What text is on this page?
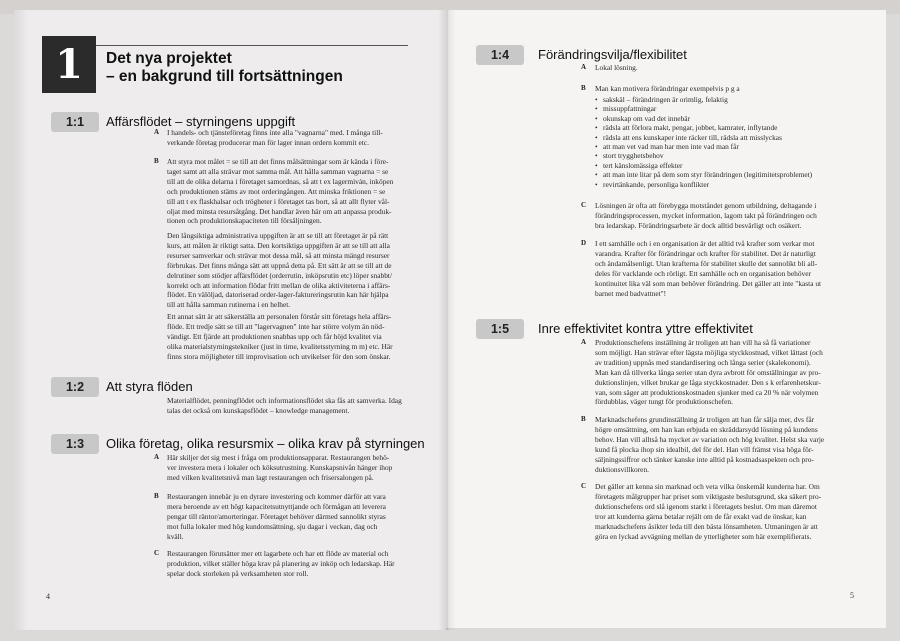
1	Det nya projektet
– en bakgrund till fortsättningen
1:1	Affärsflödet – styrningens uppgift
A I handels- och tjänsteföretag finns inte alla "vagnarna" med. I många till-
verkande företag producerar man för lager innan ordern kommit etc.
B Att styra mot målet = se till att det finns målsättningar som är kända i före-
taget samt att alla strävar mot samma mål. Att hålla samman vagnarna = se
till att de olika delarna i företaget samordnas, så att t ex lagermiván, inköpen
och produktionen stäms av mot orderingången. Att minska friktionen = se
till att t ex flaskhalsar och trögheter i företaget tas bort, så att allt flyter vål-
oljat med minsta resursåtgång. Det handlar även här om att anpassa produk-
tionen och produktionskapaciteten till försäljningen.
Den långsiktiga administrativa uppgiften är att se till att företaget är på rätt
kurs, att målen är riktigt satta. Den kortsiktiga uppgiften är att se till att alla
resurser samverkar och strävar mot dessa mål, så att minsta mängd resurser
förbrukas. Det finns många sätt att uppnå detta på. Ett sätt är att se till att de
delrutiner som stödjer affärsflödet (orderrutin, inköpsrutin etc) löper snabbt/
korrekt och att information flödar fritt mellan de olika aktiviteterna i affärs-
flödet. En välöljad, datoriserad order-lager-faktureringsrutin kan här hjälpa
till att hålla samman rutinerna i en helhet.
Ett annat sätt är att säkerställa att personalen förstår sitt företags hela affärs-
flöde. Ett tredje sätt se till att "lagervagnen" inte har större volym än nöd-
vändigt. Ett fjärde att produktionen snabbas upp och får höjd kvalitet via
olika materialstyrningstekniker (just in time, kvalitetsstyrning m m) etc. Här
finns stora möjligheter till improvisation och utvikelser för den som önskar.
1:2	Att styra flöden
Materialflödet, penningflödet och informationsflödet ska fås att samverka. Idag
talas det också om kunskapsflödet – knowledge management.
1:3	Olika företag, olika resursmix – olika krav på styrningen
A Här skiljer det sig mest i fråga om produktionsapparat. Restaurangen behö-
ver investera mera i lokaler och köksutrustning. Kunskapsnivån hänger ihop
med vilken kvalitetsnivå man lagt restaurangen och frisersalongen på.
B Restaurangen innebär ju en dyrare investering och kommer därför att vara
mera beroende av ett högt kapacitetsutnyttjande och förmågan att leverera
pengar till räntor/amorteringar. Företaget behöver därmed sannolikt styras
mot fulla lokaler med hög kundomsättning, sju dagar i veckan, dag och
kväll.
C Restaurangen förutsätter mer ett lagarbete och har ett flöde av material och
produktion, vilket ställer höga krav på planering av inköp och ledarskap. Här
spelar dock storleken på verksamheten stor roll.
4
1:4	Förändringsvilja/flexibilitet
A Lokal lösning.
B Man kan motivera förändringar exempelvis p g a
• sakskäl – förändringen är orimlig, felaktig
• missuppfattningar
• okunskap om vad det innebär
• rädsla att förlora makt, pengar, jobbet, kamrater, inflytande
• rädsla att ens kunskaper inte räcker till, rädsla att misslyckas
• att man vet vad man har men inte vad man får
• stort trygghetsbehov
• tert känslomässiga effekter
• att man inte litar på dem som styr förändringen (legitimitetsproblemet)
• revirtänkande, personliga konflikter
C Lösningen är ofta att förebygga motståndet genom utbildning, deltagande i
förändringsprocessen, mycket information, lagom takt på förändringen och
bra ledarskap. Förändringsarbete är dock alltid besvärligt och osäkert.
D I ett samhälle och i en organisation är det alltid två krafter som verkar mot
varandra. Krafter för förändringar och krafter för stabilitet. Det är naturligt
och ändamålsenligt. Utan krafterna för stabilitet skulle det sannolikt bli all-
deles för vacklande och rörligt. Ett samhälle och en organisation behöver
kontinuitet lika väl som man behöver förändring. Det gäller att inte "kasta ut
barnet med badvattnet"!
1:5	Inre effektivitet kontra yttre effektivitet
A Produktionschefens inställning är troligen att han vill ha så få variationer
som möjligt. Han strävar efter lägsta möjliga styckkostnad, vilket lättast (och
av tradition) uppnås med standardisering och långa serier (skalekonomi).
Man kan då tillverka långa serier utan dyra avbrott för omställningar av pro-
duktionslinjen, vilket brukar ge låga styckkostnader. Den s k erfarenhetskur-
van, som säger att produktionskostnaden sjunker med ca 20 % när volymen
fördubblas, väger tungt för produktionschefen.
B Marknadschefens grundinställning är troligen att han får sälja mer, dvs får
högre omsättning, om han kan erbjuda en skräddarsydd lösning på kundens
behov. Han vill alltså ha mycket av variation och hög kvalitet. Helst ska varje
kund få plocka ihop sin idealbil, del för del. Han vill främst visa höga för-
säljningssiffror och tänker kanske inte alltid på kostnadsaspekten och pro-
duktionsvillkoren.
C Det gäller att kenna sin marknad och veta vilka önskemål kunderna har. Om
företagets målgrupper har priset som viktigaste beslutsgrund, ska säkert pro-
duktionschefens ord slå igenom starkt i företagets beslut. Om man däremot
tror att kunderna gärna betalar rejält om de får exakt vad de önskar, kan
marknadschefens åsikter leda till den bästa lönsamheten. Utmaningen är att
göra en lyckad avvägning mellan de ytterligheter som här exemplifierats.
5
